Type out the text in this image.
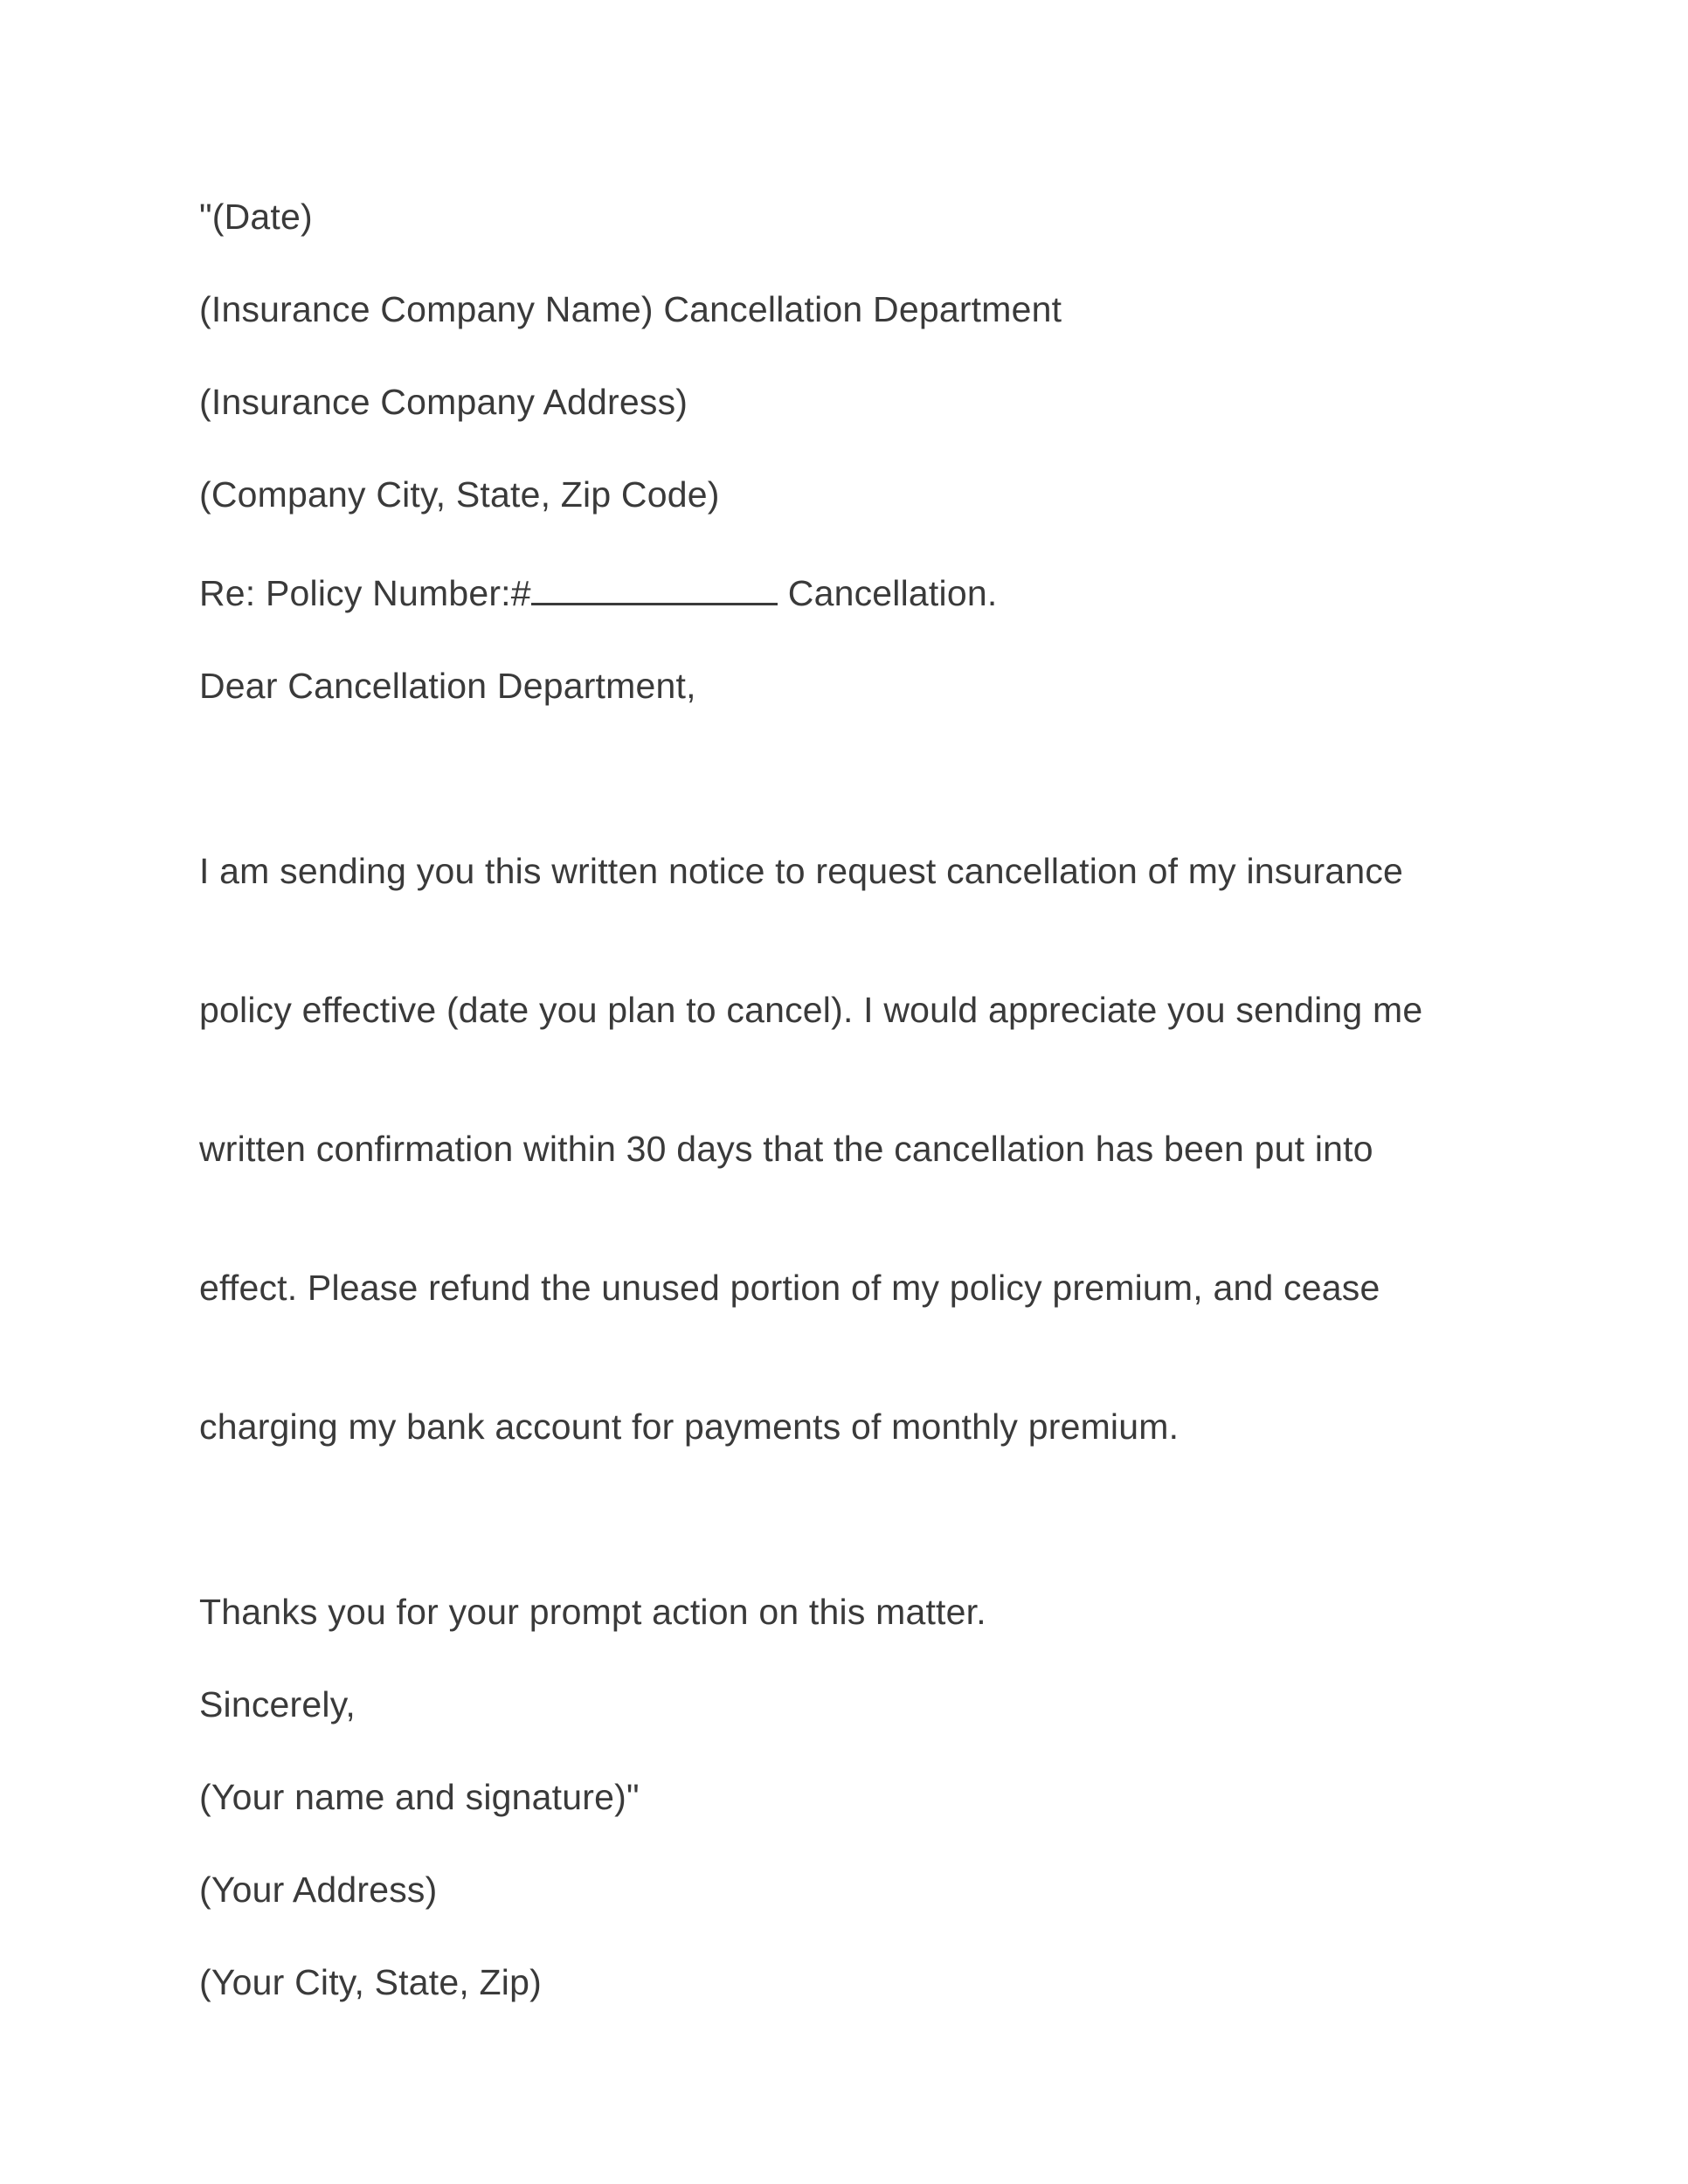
"(Date)

(Insurance Company Name) Cancellation Department

(Insurance Company Address)

(Company City, State, Zip Code)

Re: Policy Number:#	Cancellation.

Dear Cancellation Department,

I am sending you this written notice to request cancellation of my insurance

policy effective (date you plan to cancel). I would appreciate you sending me

written confirmation within 30 days that the cancellation has been put into

effect. Please refund the unused portion of my policy premium, and cease

charging my bank account for payments of monthly premium.

Thanks you for your prompt action on this matter.

Sincerely,

(Your name and signature)"

(Your Address)

(Your City, State, Zip)
